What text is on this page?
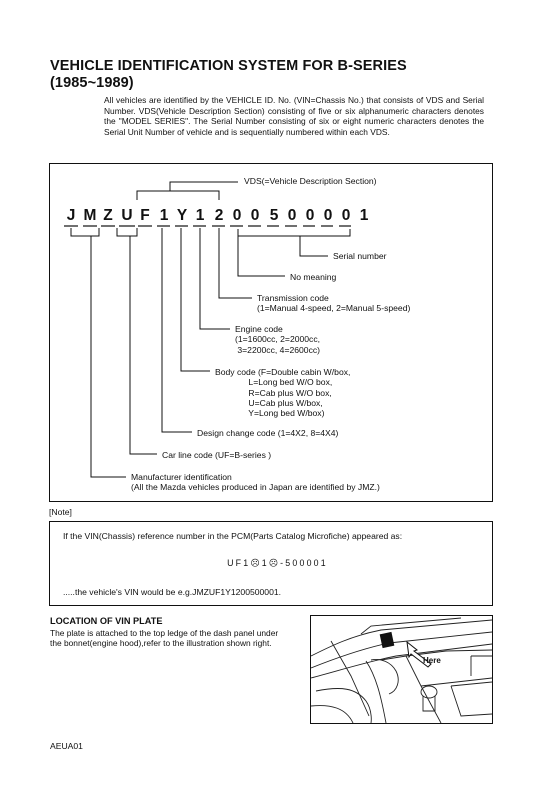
VEHICLE IDENTIFICATION SYSTEM FOR B-SERIES
(1985~1989)
All vehicles are identified by the VEHICLE ID. No. (VIN=Chassis No.) that consists of VDS and Serial Number. VDS(Vehicle Description Section) consisting of five or six alphanumeric characters denotes the "MODEL SERIES". The Serial Number consisting of six or eight numeric characters denotes the Serial Unit Number of vehicle and is sequentially numbered within each VDS.
J M Z U F 1 Y 1 2 0 0 5 0 0 0 0 1
VDS(=Vehicle Description Section)
Serial number
No meaning
Transmission code
(1=Manual 4-speed, 2=Manual 5-speed)
Engine code
(1=1600cc, 2=2000cc,
3=2200cc, 4=2600cc)
Body code (F=Double cabin W/box,
L=Long bed W/O box,
R=Cab plus W/O box,
U=Cab plus W/box,
Y=Long bed W/box)
Design change code (1=4X2, 8=4X4)
Car line code (UF=B-series )
Manufacturer identification
(All the Mazda vehicles produced in Japan are identified by JMZ.)
[Note]
If the VIN(Chassis) reference number in the PCM(Parts Catalog Microfiche) appeared as:
UF1☹1☹-500001
.....the vehicle's VIN would be e.g.JMZUF1Y1200500001.
LOCATION OF VIN PLATE
The plate is attached to the top ledge of the dash panel under the bonnet(engine hood),refer to the illustration shown right.
Here
AEUA01
